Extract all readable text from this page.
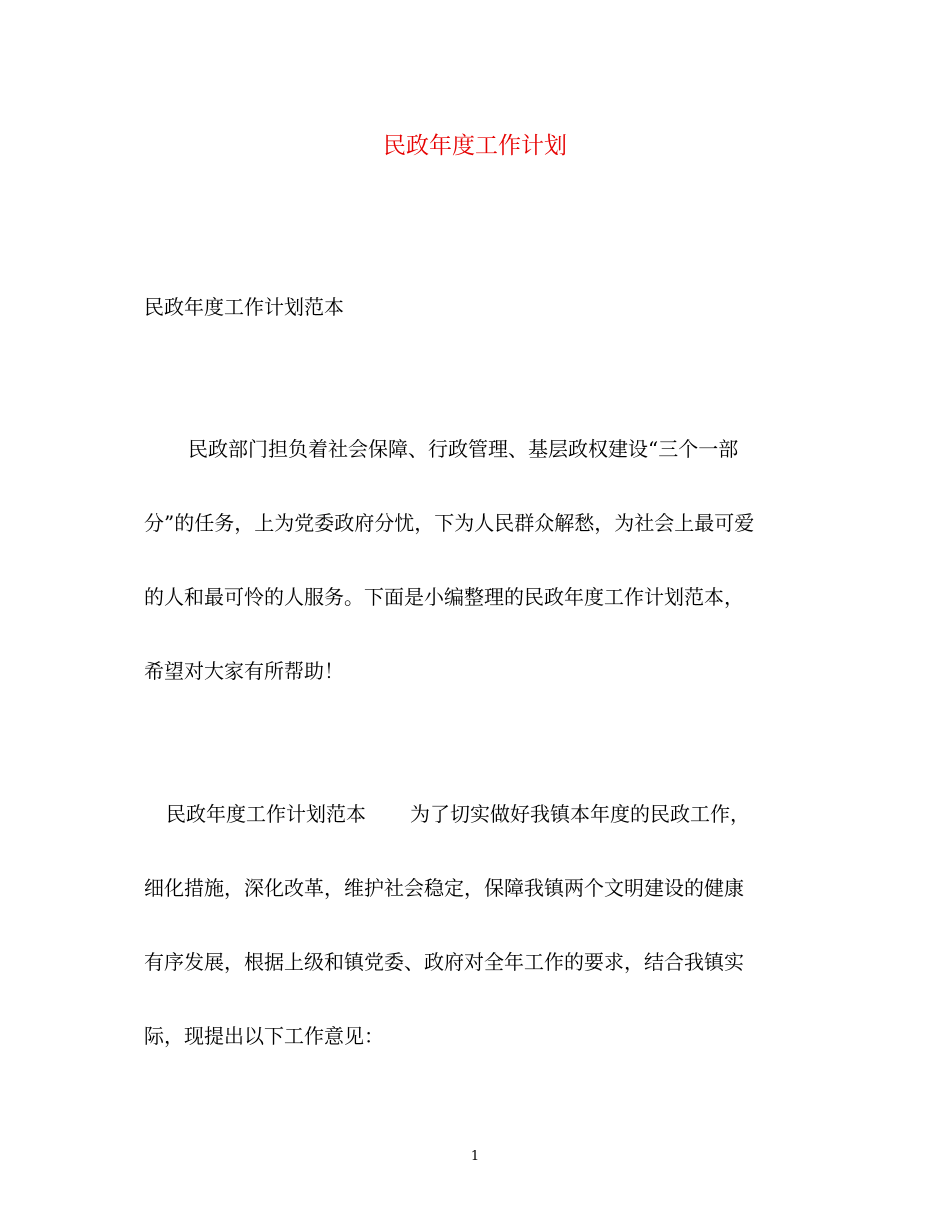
民政年度工作计划

民政年度工作计划范本

民政部门担负着社会保障、行政管理、基层政权建设“三个一部
分”的任务，上为党委政府分忧，下为人民群众解愁，为社会上最可爱
的人和最可怜的人服务。下面是小编整理的民政年度工作计划范本，
希望对大家有所帮助！
民政年度工作计划范本 为了切实做好我镇本年度的民政工作，
细化措施，深化改革，维护社会稳定，保障我镇两个文明建设的健康
有序发展，根据上级和镇党委、政府对全年工作的要求，结合我镇实
际，现提出以下工作意见：

1
